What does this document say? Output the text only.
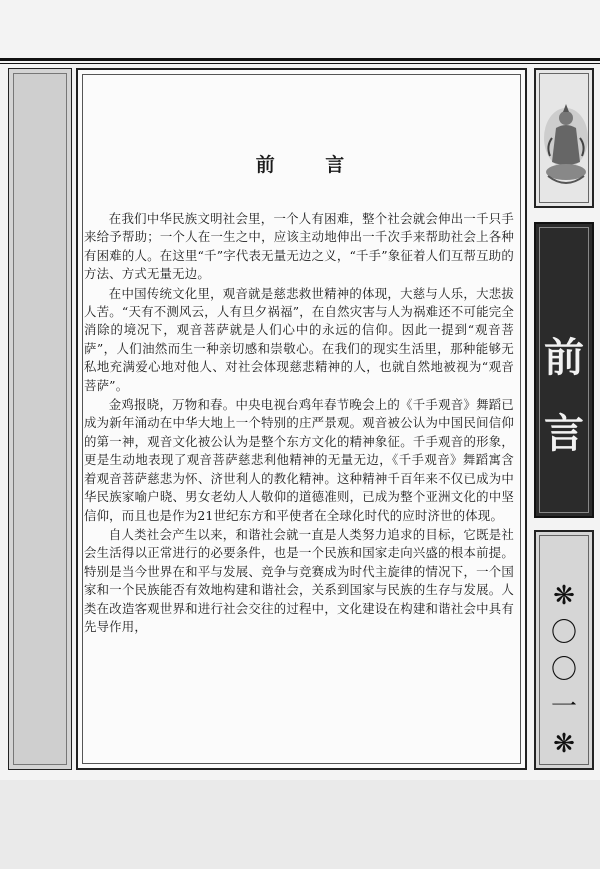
前 言

在我们中华民族文明社会里，一个人有困难，整个社会就会伸出一千只手来给予帮助；一个人在一生之中，应该主动地伸出一千次手来帮助社会上各种有困难的人。在这里“千”字代表无量无边之义，“千手”象征着人们互帮互助的方法、方式无量无边。

在中国传统文化里，观音就是慈悲救世精神的体现，大慈与人乐，大悲拔人苦。“天有不测风云，人有旦夕祸福”，在自然灾害与人为祸难还不可能完全消除的境况下，观音菩萨就是人们心中的永远的信仰。因此一提到“观音菩萨”，人们油然而生一种亲切感和崇敬心。在我们的现实生活里，那种能够无私地充满爱心地对他人、对社会体现慈悲精神的人，也就自然地被视为“观音菩萨”。

金鸡报晓，万物和春。中央电视台鸡年春节晚会上的《千手观音》舞蹈已成为新年涌动在中华大地上一个特别的庄严景观。观音被公认为中国民间信仰的第一神，观音文化被公认为是整个东方文化的精神象征。千手观音的形象，更是生动地表现了观音菩萨慈悲利他精神的无量无边，《千手观音》舞蹈寓含着观音菩萨慈悲为怀、济世利人的教化精神。这种精神千百年来不仅已成为中华民族家喻户晓、男女老幼人人敬仰的道德准则，已成为整个亚洲文化的中坚信仰，而且也是作为21世纪东方和平使者在全球化时代的应时济世的体现。

自人类社会产生以来，和谐社会就一直是人类努力追求的目标，它既是社会生活得以正常进行的必要条件，也是一个民族和国家走向兴盛的根本前提。特别是当今世界在和平与发展、竞争与竞赛成为时代主旋律的情况下，一个国家和一个民族能否有效地构建和谐社会，关系到国家与民族的生存与发展。人类在改造客观世界和进行社会交往的过程中，文化建设在构建和谐社会中具有先导作用，

前
言
❋
〇
〇
一
❋
